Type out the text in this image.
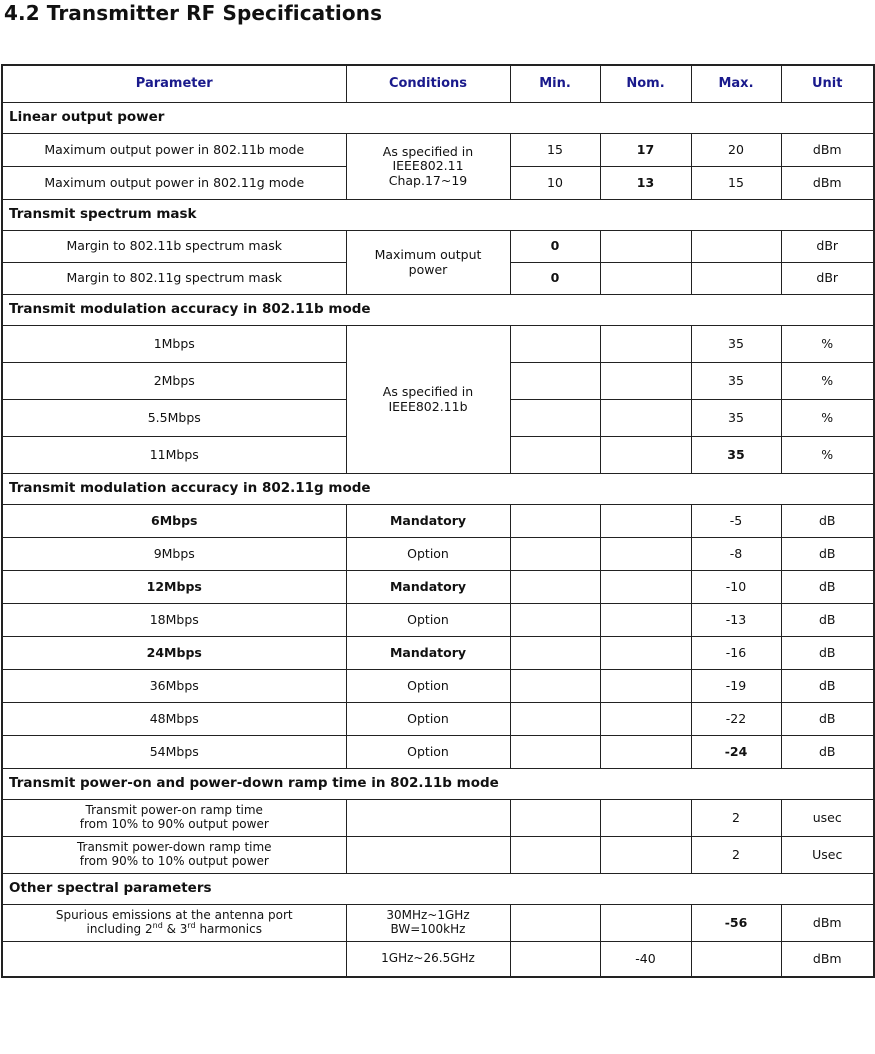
4.2 Transmitter RF Specifications
Parameter	Conditions	Min.	Nom.	Max.	Unit
Linear output power					
Maximum output power in 802.11b mode	As specified in
IEEE802.11
Chap.17~19	15	17	20	dBm
Maximum output power in 802.11g mode		10	13	15	dBm
Transmit spectrum mask					
Margin to 802.11b spectrum mask	Maximum output
power	0			dBr
Margin to 802.11g spectrum mask		0			dBr
Transmit modulation accuracy in 802.11b mode					
1Mbps	As specified in
IEEE802.11b			35	%
2Mbps				35	%
5.5Mbps				35	%
11Mbps				35	%
Transmit modulation accuracy in 802.11g mode					
6Mbps	Mandatory			-5	dB
9Mbps	Option			-8	dB
12Mbps	Mandatory			-10	dB
18Mbps	Option			-13	dB
24Mbps	Mandatory			-16	dB
36Mbps	Option			-19	dB
48Mbps	Option			-22	dB
54Mbps	Option			-24	dB
Transmit power-on and power-down ramp time in 802.11b mode					
Transmit power-on ramp time
from 10% to 90% output power				2	usec
Transmit power-down ramp time
from 90% to 10% output power				2	Usec
Other spectral parameters					
Spurious emissions at the antenna port
including 2nd & 3rd harmonics	30MHz~1GHz
BW=100kHz			-56	dBm
	1GHz~26.5GHz		-40		dBm
